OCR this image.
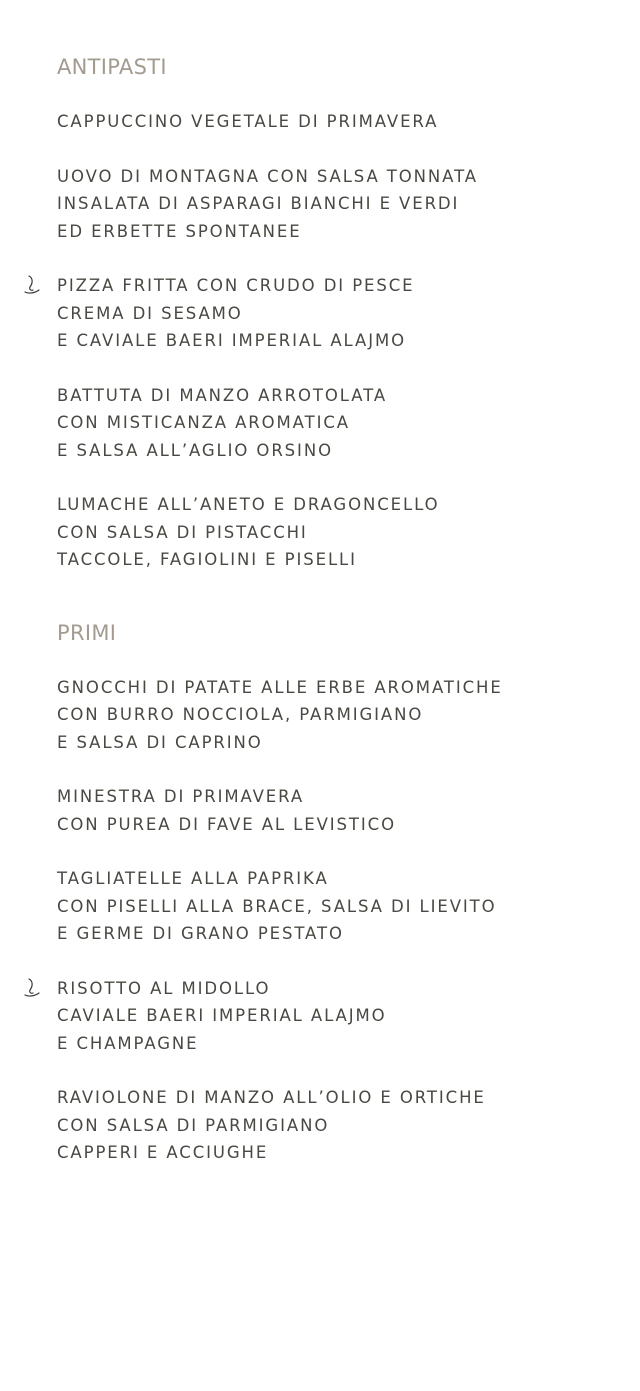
ANTIPASTI
CAPPUCCINO VEGETALE DI PRIMAVERA
UOVO DI MONTAGNA CON SALSA TONNATA
INSALATA DI ASPARAGI BIANCHI E VERDI
ED ERBETTE SPONTANEE
PIZZA FRITTA CON CRUDO DI PESCE
CREMA DI SESAMO
E CAVIALE BAERI IMPERIAL ALAJMO
BATTUTA DI MANZO ARROTOLATA
CON MISTICANZA AROMATICA
E SALSA ALL’AGLIO ORSINO
LUMACHE ALL’ANETO E DRAGONCELLO
CON SALSA DI PISTACCHI
TACCOLE, FAGIOLINI E PISELLI
PRIMI
GNOCCHI DI PATATE ALLE ERBE AROMATICHE
CON BURRO NOCCIOLA, PARMIGIANO
E SALSA DI CAPRINO
MINESTRA DI PRIMAVERA
CON PUREA DI FAVE AL LEVISTICO
TAGLIATELLE ALLA PAPRIKA
CON PISELLI ALLA BRACE, SALSA DI LIEVITO
E GERME DI GRANO PESTATO
RISOTTO AL MIDOLLO
CAVIALE BAERI IMPERIAL ALAJMO
E CHAMPAGNE
RAVIOLONE DI MANZO ALL’OLIO E ORTICHE
CON SALSA DI PARMIGIANO
CAPPERI E ACCIUGHE
